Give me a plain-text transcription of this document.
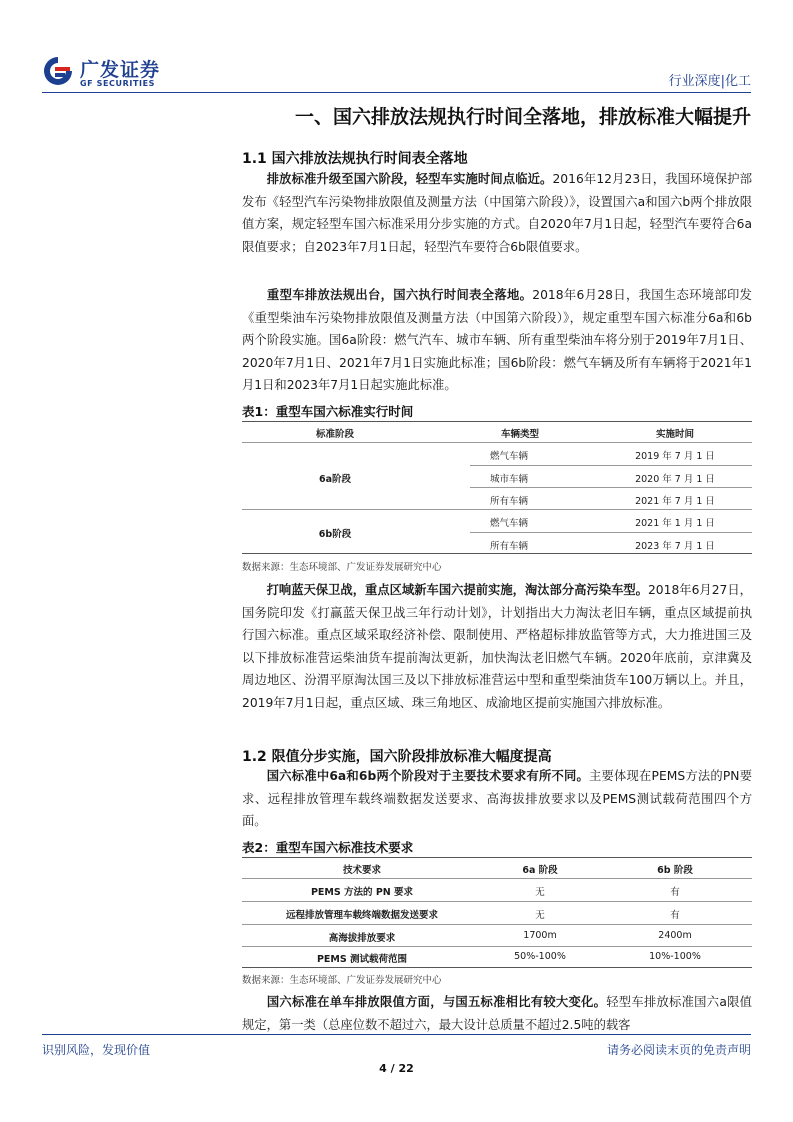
广发证券
GF SECURITIES	行业深度|化工
一、国六排放法规执行时间全落地，排放标准大幅提升
1.1 国六排放法规执行时间表全落地
  排放标准升级至国六阶段，轻型车实施时间点临近。2016年12月23日，我国环境保护部发布《轻型汽车污染物排放限值及测量方法（中国第六阶段）》，设置国六a和国六b两个排放限值方案，规定轻型车国六标准采用分步实施的方式。自2020年7月1日起，轻型汽车要符合6a限值要求；自2023年7月1日起，轻型汽车要符合6b限值要求。
  重型车排放法规出台，国六执行时间表全落地。2018年6月28日，我国生态环境部印发《重型柴油车污染物排放限值及测量方法（中国第六阶段）》，规定重型车国六标准分6a和6b两个阶段实施。国6a阶段：燃气汽车、城市车辆、所有重型柴油车将分别于2019年7月1日、2020年7月1日、2021年7月1日实施此标准；国6b阶段：燃气车辆及所有车辆将于2021年1月1日和2023年7月1日起实施此标准。
表1：重型车国六标准实行时间
标准阶段	车辆类型	实施时间
6a阶段
燃气车辆	2019 年 7 月 1 日
城市车辆	2020 年 7 月 1 日
所有车辆	2021 年 7 月 1 日
6b阶段
燃气车辆	2021 年 1 月 1 日
所有车辆	2023 年 7 月 1 日
数据来源：生态环境部、广发证券发展研究中心
  打响蓝天保卫战，重点区域新车国六提前实施，淘汰部分高污染车型。2018年6月27日，国务院印发《打赢蓝天保卫战三年行动计划》，计划指出大力淘汰老旧车辆，重点区域提前执行国六标准。重点区域采取经济补偿、限制使用、严格超标排放监管等方式，大力推进国三及以下排放标准营运柴油货车提前淘汰更新，加快淘汰老旧燃气车辆。2020年底前，京津冀及周边地区、汾渭平原淘汰国三及以下排放标准营运中型和重型柴油货车100万辆以上。并且，2019年7月1日起，重点区域、珠三角地区、成渝地区提前实施国六排放标准。
1.2 限值分步实施，国六阶段排放标准大幅度提高
  国六标准中6a和6b两个阶段对于主要技术要求有所不同。主要体现在PEMS方法的PN要求、远程排放管理车载终端数据发送要求、高海拔排放要求以及PEMS测试载荷范围四个方面。
表2：重型车国六标准技术要求
技术要求	6a 阶段	6b 阶段
PEMS 方法的 PN 要求	无	有
远程排放管理车载终端数据发送要求	无	有
高海拔排放要求	1700m	2400m
PEMS 测试载荷范围	50%-100%	10%-100%
数据来源：生态环境部、广发证券发展研究中心
  国六标准在单车排放限值方面，与国五标准相比有较大变化。轻型车排放标准国六a限值规定，第一类（总座位数不超过六，最大设计总质量不超过2.5吨的载客
识别风险，发现价值	请务必阅读末页的免责声明
4 / 22
